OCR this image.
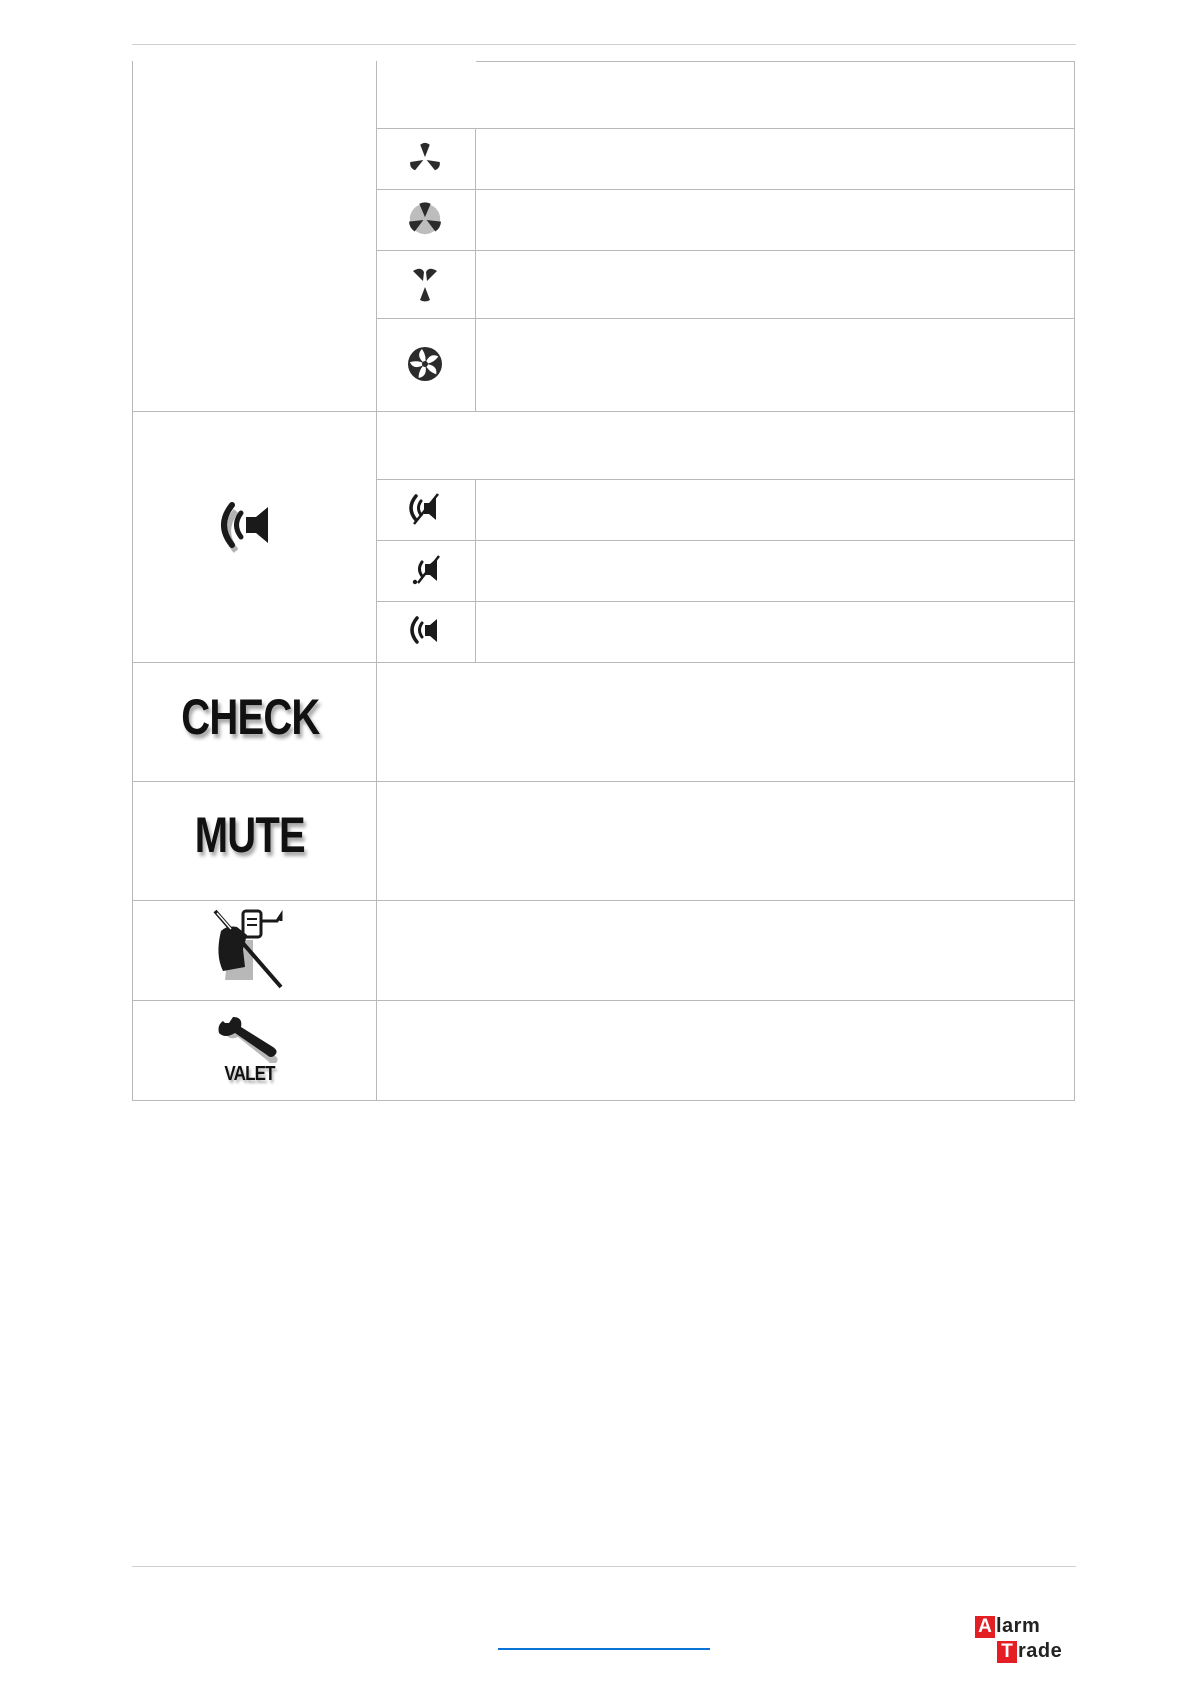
CHECK
MUTE
VALET
A larm
T rade
